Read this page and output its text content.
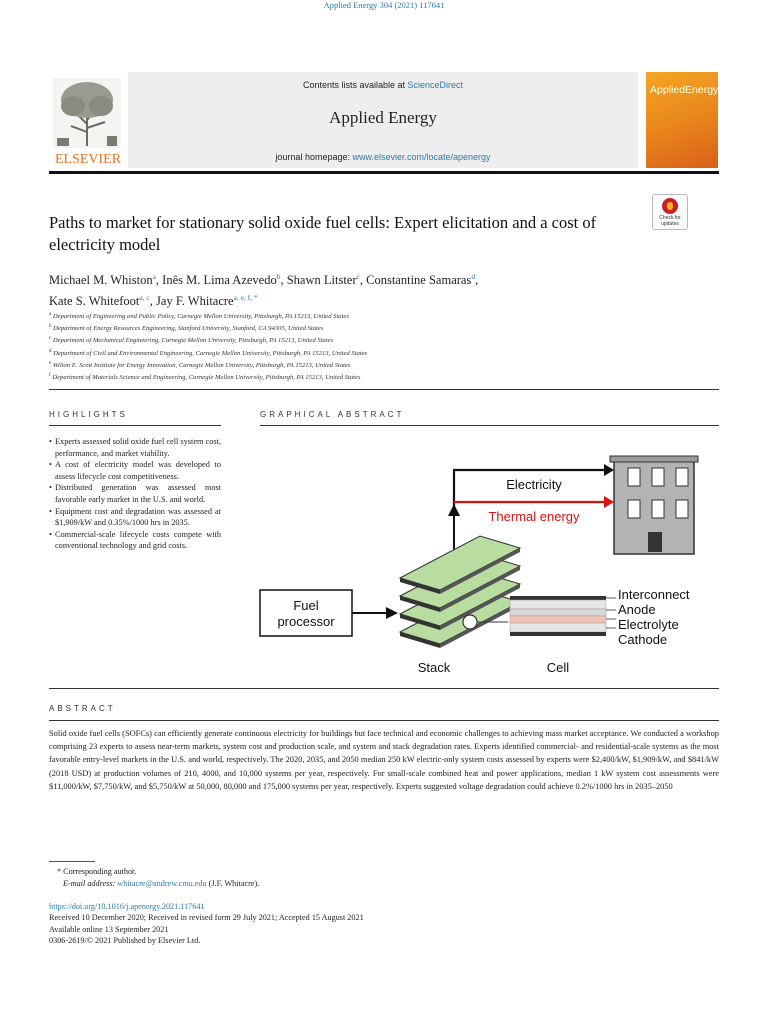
Applied Energy 304 (2021) 117641
Contents lists available at ScienceDirect
Applied Energy
journal homepage: www.elsevier.com/locate/apenergy
ELSEVIER
AppliedEnergy
Paths to market for stationary solid oxide fuel cells: Expert elicitation and a cost of electricity model
Check for updates
Michael M. Whiston$^a$, Inês M. Lima Azevedo$^b$, Shawn Litster$^c$, Constantine Samaras$^d$,
Kate S. Whitefoot$^{a, c}$, Jay F. Whitacre$^{a, e, f, *}$
$^a$ Department of Engineering and Public Policy, Carnegie Mellon University, Pittsburgh, PA 15213, United States
$^b$ Department of Energy Resources Engineering, Stanford University, Stanford, CA 94305, United States
$^c$ Department of Mechanical Engineering, Carnegie Mellon University, Pittsburgh, PA 15213, United States
$^d$ Department of Civil and Environmental Engineering, Carnegie Mellon University, Pittsburgh, PA 15213, United States
$^e$ Wilton E. Scott Institute for Energy Innovation, Carnegie Mellon University, Pittsburgh, PA 15213, United States
$^f$ Department of Materials Science and Engineering, Carnegie Mellon University, Pittsburgh, PA 15213, United States
HIGHLIGHTS
• Experts assessed solid oxide fuel cell system cost, performance, and market viability.
• A cost of electricity model was developed to assess lifecycle cost competitiveness.
• Distributed generation was assessed most favorable early market in the U.S. and world.
• Equipment cost and degradation was assessed at $1,909/kW and 0.35%/1000 hrs in 2035.
• Commercial-scale lifecycle costs compete with conventional technology and grid costs.
GRAPHICAL ABSTRACT
Electricity
Thermal energy
Stack
Fuel
processor
Cell
Interconnect
Anode
Electrolyte
Cathode
ABSTRACT
Solid oxide fuel cells (SOFCs) can efficiently generate continuous electricity for buildings but face technical and economic challenges to achieving mass market acceptance. We conducted a workshop comprising 23 experts to assess near-term markets, system cost and production scale, and system and stack degradation rates. Experts identified commercial- and residential-scale systems as the most favorable entry-level markets in the U.S. and world, respectively. The 2020, 2035, and 2050 median 250 kW electric-only system costs assessed by experts were $2,400/kW, $1,909/kW, and $841/kW (2018 USD) at production volumes of 210, 4000, and 10,000 systems per year, respectively. For small-scale combined heat and power applications, median 1 kW system cost assessments were $11,000/kW, $7,750/kW, and $5,750/kW at 50,000, 80,000 and 175,000 systems per year, respectively. Experts suggested voltage degradation could achieve 0.2%/1000 hrs in 2035–2050
* Corresponding author.
E-mail address: whitacre@andrew.cmu.edu (J.F. Whitacre).
https://doi.org/10.1016/j.apenergy.2021.117641
Received 10 December 2020; Received in revised form 29 July 2021; Accepted 15 August 2021
Available online 13 September 2021
0306-2619/© 2021 Published by Elsevier Ltd.
